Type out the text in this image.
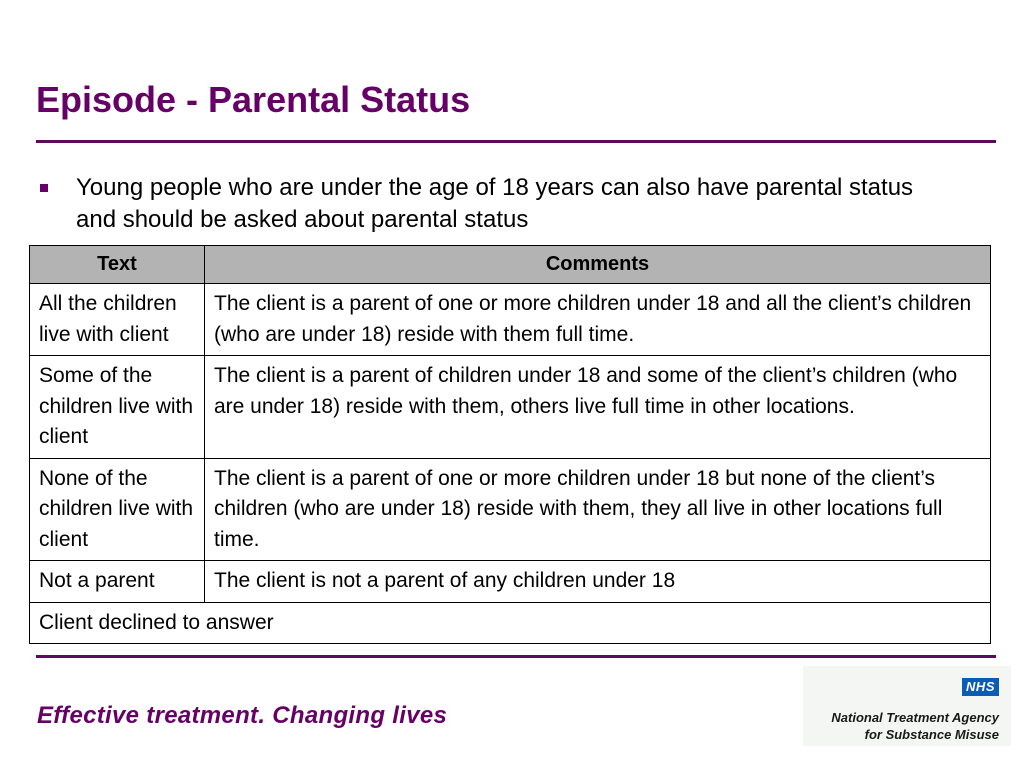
Episode - Parental Status
Young people who are under the age of 18 years can also have parental status and should be asked about parental status
Text	Comments
All the children live with client	The client is a parent of one or more children under 18 and all the client’s children (who are under 18) reside with them full time.
Some of the children live with client	The client is a parent of children under 18 and some of the client’s children (who are under 18) reside with them, others live full time in other locations.
None of the children live with client	The client is a parent of one or more children under 18 but none of the client’s children (who are under 18) reside with them, they all live in other locations full time.
Not a parent	The client is not a parent of any children under 18
Client declined to answer	
Effective treatment. Changing lives
NHS
National Treatment Agency
for Substance Misuse
